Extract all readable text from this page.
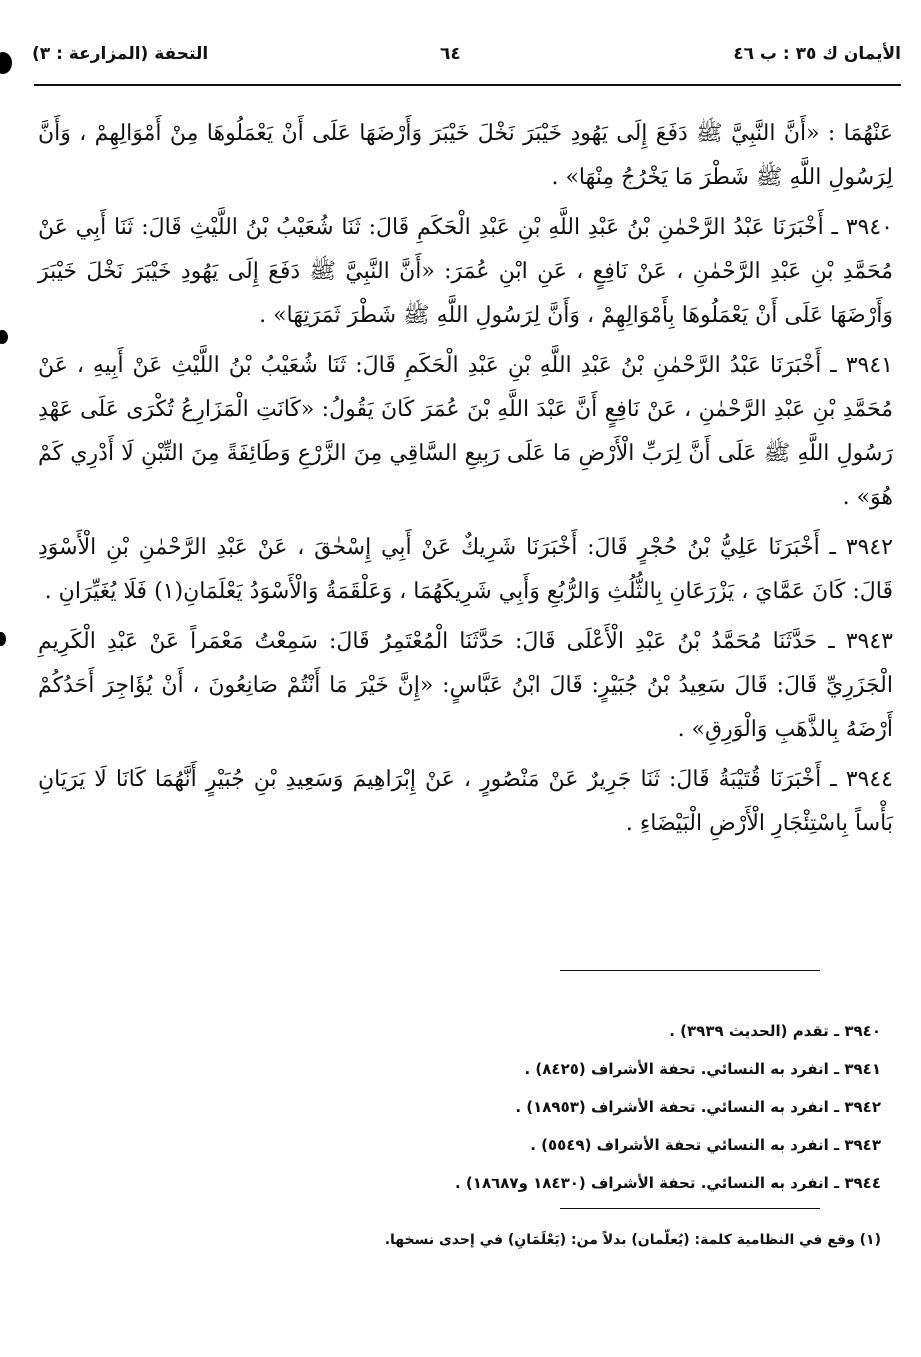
الأيمان ك ٣٥ : ب ٤٦
٦٤
التحفة (المزارعة : ٣)

عَنْهُمَا : «أَنَّ النَّبِيَّ ﷺ دَفَعَ إِلَى يَهُودِ خَيْبَرَ نَخْلَ خَيْبَرَ وَأَرْضَهَا عَلَى أَنْ يَعْمَلُوهَا مِنْ أَمْوَالِهِمْ ، وَأَنَّ لِرَسُولِ اللَّهِ ﷺ شَطْرَ مَا يَخْرُجُ مِنْهَا» .

٣٩٤٠ ـ أَخْبَرَنَا عَبْدُ الرَّحْمٰنِ بْنُ عَبْدِ اللَّهِ بْنِ عَبْدِ الْحَكَمِ قَالَ: ثَنَا شُعَيْبُ بْنُ اللَّيْثِ قَالَ: ثَنَا أَبِي عَنْ مُحَمَّدِ بْنِ عَبْدِ الرَّحْمٰنِ ، عَنْ نَافِعٍ ، عَنِ ابْنِ عُمَرَ: «أَنَّ النَّبِيَّ ﷺ دَفَعَ إِلَى يَهُودِ خَيْبَرَ نَخْلَ خَيْبَرَ وَأَرْضَهَا عَلَى أَنْ يَعْمَلُوهَا بِأَمْوَالِهِمْ ، وَأَنَّ لِرَسُولِ اللَّهِ ﷺ شَطْرَ ثَمَرَتِهَا» .

٣٩٤١ ـ أَخْبَرَنَا عَبْدُ الرَّحْمٰنِ بْنُ عَبْدِ اللَّهِ بْنِ عَبْدِ الْحَكَمِ قَالَ: ثَنَا شُعَيْبُ بْنُ اللَّيْثِ عَنْ أَبِيهِ ، عَنْ مُحَمَّدِ بْنِ عَبْدِ الرَّحْمٰنِ ، عَنْ نَافِعٍ أَنَّ عَبْدَ اللَّهِ بْنَ عُمَرَ كَانَ يَقُولُ: «كَانَتِ الْمَزَارِعُ تُكْرَى عَلَى عَهْدِ رَسُولِ اللَّهِ ﷺ عَلَى أَنَّ لِرَبِّ الْأَرْضِ مَا عَلَى رَبِيعِ السَّاقِي مِنَ الزَّرْعِ وَطَائِفَةً مِنَ التِّبْنِ لَا أَدْرِي كَمْ هُوَ» .

٣٩٤٢ ـ أَخْبَرَنَا عَلِيُّ بْنُ حُجْرٍ قَالَ: أَخْبَرَنَا شَرِيكٌ عَنْ أَبِي إِسْحٰقَ ، عَنْ عَبْدِ الرَّحْمٰنِ بْنِ الْأَسْوَدِ قَالَ: كَانَ عَمَّايَ ، يَزْرَعَانِ بِالثُّلُثِ وَالرُّبُعِ وَأَبِي شَرِيكَهُمَا ، وَعَلْقَمَةُ وَالْأَسْوَدُ يَعْلَمَانِ(١) فَلَا يُغَيِّرَانِ .

٣٩٤٣ ـ حَدَّثَنَا مُحَمَّدُ بْنُ عَبْدِ الْأَعْلَى قَالَ: حَدَّثَنَا الْمُعْتَمِرُ قَالَ: سَمِعْتُ مَعْمَراً عَنْ عَبْدِ الْكَرِيمِ الْجَزَرِيِّ قَالَ: قَالَ سَعِيدُ بْنُ جُبَيْرٍ: قَالَ ابْنُ عَبَّاسٍ: «إِنَّ خَيْرَ مَا أَنْتُمْ صَانِعُونَ ، أَنْ يُؤَاجِرَ أَحَدُكُمْ أَرْضَهُ بِالذَّهَبِ وَالْوَرِقِ» .

٣٩٤٤ ـ أَخْبَرَنَا قُتَيْبَةُ قَالَ: ثَنَا جَرِيرٌ عَنْ مَنْصُورٍ ، عَنْ إِبْرَاهِيمَ وَسَعِيدِ بْنِ جُبَيْرٍ أَنَّهُمَا كَانَا لَا يَرَيَانِ بَأْساً بِاسْتِئْجَارِ الْأَرْضِ الْبَيْضَاءِ .

٣٩٤٠ ـ تقدم (الحديث ٣٩٣٩) .
٣٩٤١ ـ انفرد به النسائي. تحفة الأشراف (٨٤٢٥) .
٣٩٤٢ ـ انفرد به النسائي. تحفة الأشراف (١٨٩٥٣) .
٣٩٤٣ ـ انفرد به النسائي تحفة الأشراف (٥٥٤٩) .
٣٩٤٤ ـ انفرد به النسائي. تحفة الأشراف (١٨٤٣٠ و١٨٦٨٧) .
(١) وقع في النظامية كلمة: (يُعلّمان) بدلاً من: (يَعْلَمَانِ) في إحدى نسخها.
